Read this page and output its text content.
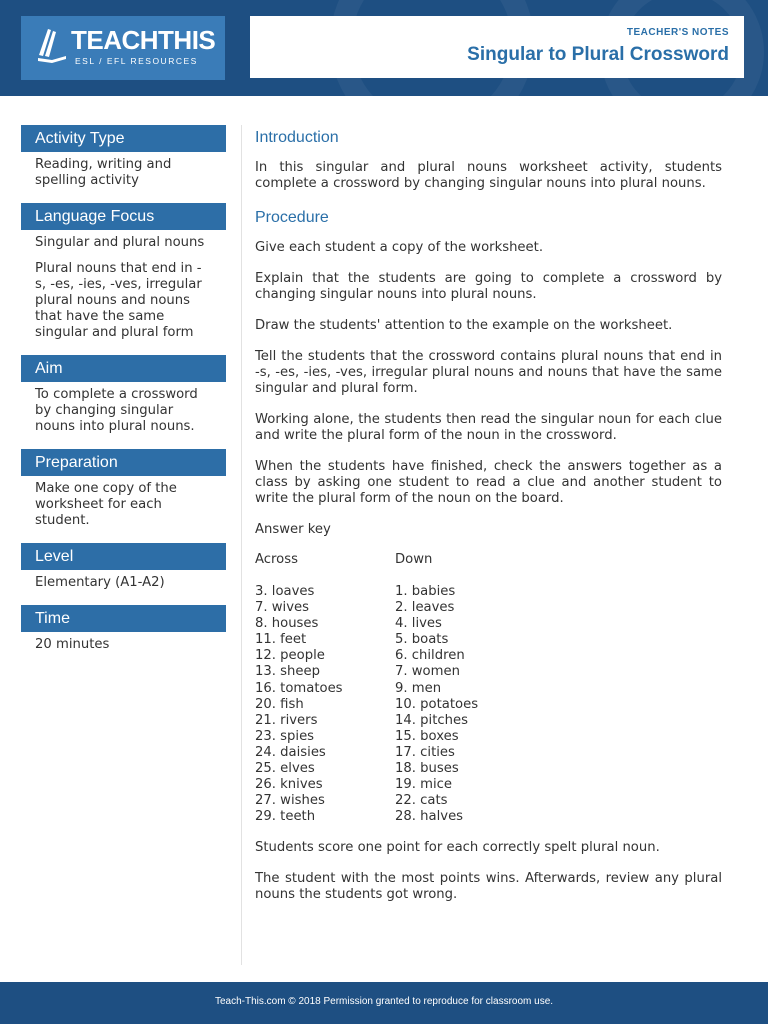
TEACHTHIS
ESL / EFL RESOURCES
TEACHER'S NOTES
Singular to Plural Crossword
Activity Type

Reading, writing and spelling activity

Language Focus

Singular and plural nouns

Plural nouns that end in -s, -es, -ies, -ves, irregular plural nouns and nouns that have the same singular and plural form

Aim

To complete a crossword by changing singular nouns into plural nouns.

Preparation

Make one copy of the worksheet for each student.

Level

Elementary (A1-A2)

Time

20 minutes

Introduction

In this singular and plural nouns worksheet activity, students complete a crossword by changing singular nouns into plural nouns.

Procedure

Give each student a copy of the worksheet.

Explain that the students are going to complete a crossword by changing singular nouns into plural nouns.

Draw the students' attention to the example on the worksheet.

Tell the students that the crossword contains plural nouns that end in -s, -es, -ies, -ves, irregular plural nouns and nouns that have the same singular and plural form.

Working alone, the students then read the singular noun for each clue and write the plural form of the noun in the crossword.

When the students have finished, check the answers together as a class by asking one student to read a clue and another student to write the plural form of the noun on the board.

Answer key

Across
3. loaves
7. wives
8. houses
11. feet
12. people
13. sheep
16. tomatoes
20. fish
21. rivers
23. spies
24. daisies
25. elves
26. knives
27. wishes
29. teeth
Down
1. babies
2. leaves
4. lives
5. boats
6. children
7. women
9. men
10. potatoes
14. pitches
15. boxes
17. cities
18. buses
19. mice
22. cats
28. halves

Students score one point for each correctly spelt plural noun.

The student with the most points wins. Afterwards, review any plural nouns the students got wrong.

Teach-This.com © 2018 Permission granted to reproduce for classroom use.
